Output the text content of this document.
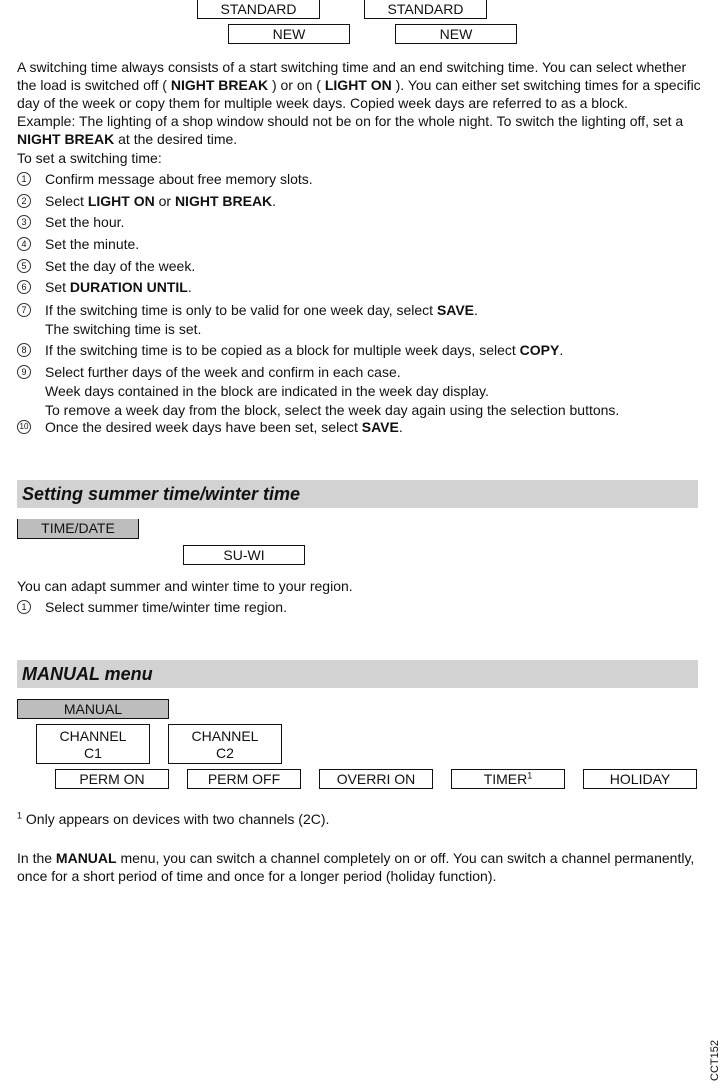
STANDARD	STANDARD
NEW	NEW
A switching time always consists of a start switching time and an end switching time. You can select whether the load is switched off ( NIGHT BREAK ) or on ( LIGHT ON ). You can either set switching times for a specific day of the week or copy them for multiple week days. Copied week days are referred to as a block.
Example: The lighting of a shop window should not be on for the whole night. To switch the lighting off, set a NIGHT BREAK at the desired time.
To set a switching time:
1	Confirm message about free memory slots.
2	Select LIGHT ON or NIGHT BREAK.
3	Set the hour.
4	Set the minute.
5	Set the day of the week.
6	Set DURATION UNTIL.
7	If the switching time is only to be valid for one week day, select SAVE.
The switching time is set.
8	If the switching time is to be copied as a block for multiple week days, select COPY.
9	Select further days of the week and confirm in each case.
Week days contained in the block are indicated in the week day display.
To remove a week day from the block, select the week day again using the selection buttons.
10 Once the desired week days have been set, select SAVE.
Setting summer time/winter time
TIME/DATE
SU-WI
You can adapt summer and winter time to your region.
1	Select summer time/winter time region.
MANUAL menu
MANUAL
CHANNEL
C1
CHANNEL
C2
PERM ON	PERM OFF	OVERRI ON	TIMER$^1$	HOLIDAY
$^1$ Only appears on devices with two channels (2C).
In the MANUAL menu, you can switch a channel completely on or off. You can switch a channel permanently, once for a short period of time and once for a longer period (holiday function).
CCT152
